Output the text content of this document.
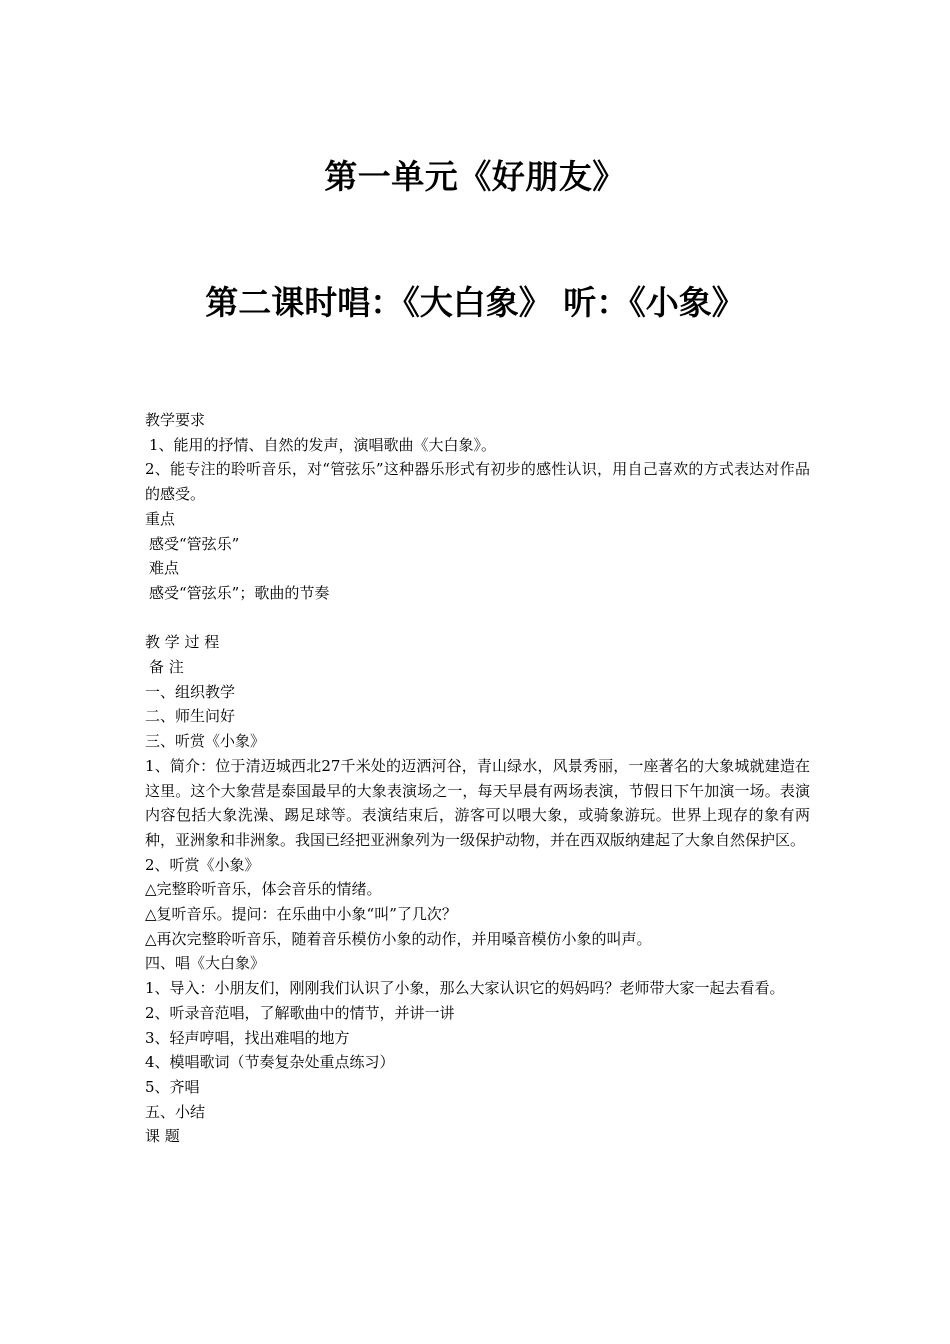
第一单元《好朋友》
第二课时唱：《大白象》 听：《小象》

教学要求

1、能用的抒情、自然的发声，演唱歌曲《大白象》。

2、能专注的聆听音乐，对“管弦乐”这种器乐形式有初步的感性认识，用自己喜欢的方式表达对作品的感受。

重点

感受“管弦乐”

难点

感受“管弦乐”；歌曲的节奏

教 学 过 程

备 注

一、组织教学

二、师生问好

三、听赏《小象》

1、简介：位于清迈城西北27千米处的迈洒河谷，青山绿水，风景秀丽，一座著名的大象城就建造在这里。这个大象营是泰国最早的大象表演场之一，每天早晨有两场表演，节假日下午加演一场。表演内容包括大象洗澡、踢足球等。表演结束后，游客可以喂大象，或骑象游玩。世界上现存的象有两种，亚洲象和非洲象。我国已经把亚洲象列为一级保护动物，并在西双版纳建起了大象自然保护区。

2、听赏《小象》

△完整聆听音乐，体会音乐的情绪。

△复听音乐。提问：在乐曲中小象“叫”了几次？

△再次完整聆听音乐，随着音乐模仿小象的动作，并用嗓音模仿小象的叫声。

四、唱《大白象》

1、导入：小朋友们，刚刚我们认识了小象，那么大家认识它的妈妈吗？老师带大家一起去看看。

2、听录音范唱，了解歌曲中的情节，并讲一讲

3、轻声哼唱，找出难唱的地方

4、模唱歌词（节奏复杂处重点练习）

5、齐唱

五、小结

课 题
